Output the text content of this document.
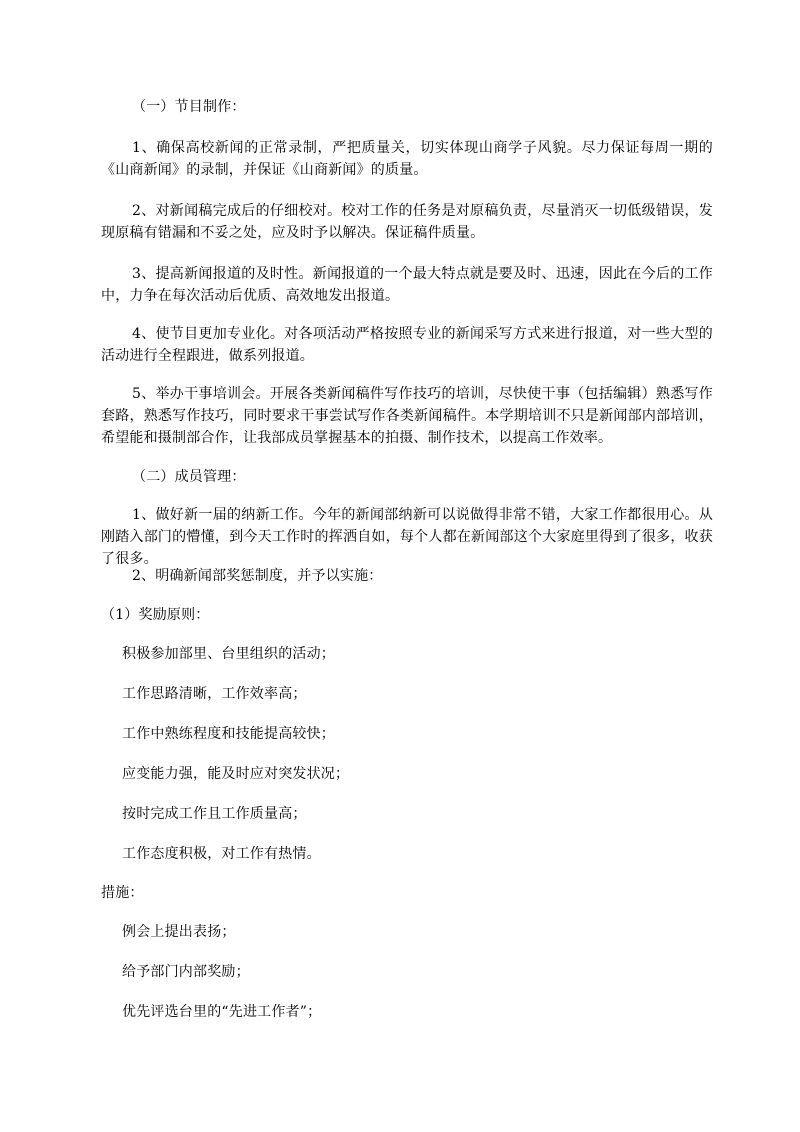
（一）节目制作：
1、确保高校新闻的正常录制，严把质量关，切实体现山商学子风貌。尽力保证每周一期的《山商新闻》的录制，并保证《山商新闻》的质量。
2、对新闻稿完成后的仔细校对。校对工作的任务是对原稿负责，尽量消灭一切低级错误，发现原稿有错漏和不妥之处，应及时予以解决。保证稿件质量。
3、提高新闻报道的及时性。新闻报道的一个最大特点就是要及时、迅速，因此在今后的工作中，力争在每次活动后优质、高效地发出报道。
4、使节目更加专业化。对各项活动严格按照专业的新闻采写方式来进行报道，对一些大型的活动进行全程跟进，做系列报道。
5、举办干事培训会。开展各类新闻稿件写作技巧的培训，尽快使干事（包括编辑）熟悉写作套路，熟悉写作技巧，同时要求干事尝试写作各类新闻稿件。本学期培训不只是新闻部内部培训，希望能和摄制部合作，让我部成员掌握基本的拍摄、制作技术，以提高工作效率。
（二）成员管理：
1、做好新一届的纳新工作。今年的新闻部纳新可以说做得非常不错，大家工作都很用心。从刚踏入部门的懵懂，到今天工作时的挥洒自如，每个人都在新闻部这个大家庭里得到了很多，收获了很多。
2、明确新闻部奖惩制度，并予以实施：
（1）奖励原则：
积极参加部里、台里组织的活动；
工作思路清晰，工作效率高；
工作中熟练程度和技能提高较快；
应变能力强，能及时应对突发状况；
按时完成工作且工作质量高；
工作态度积极，对工作有热情。
措施：
例会上提出表扬；
给予部门内部奖励；
优先评选台里的“先进工作者”；
